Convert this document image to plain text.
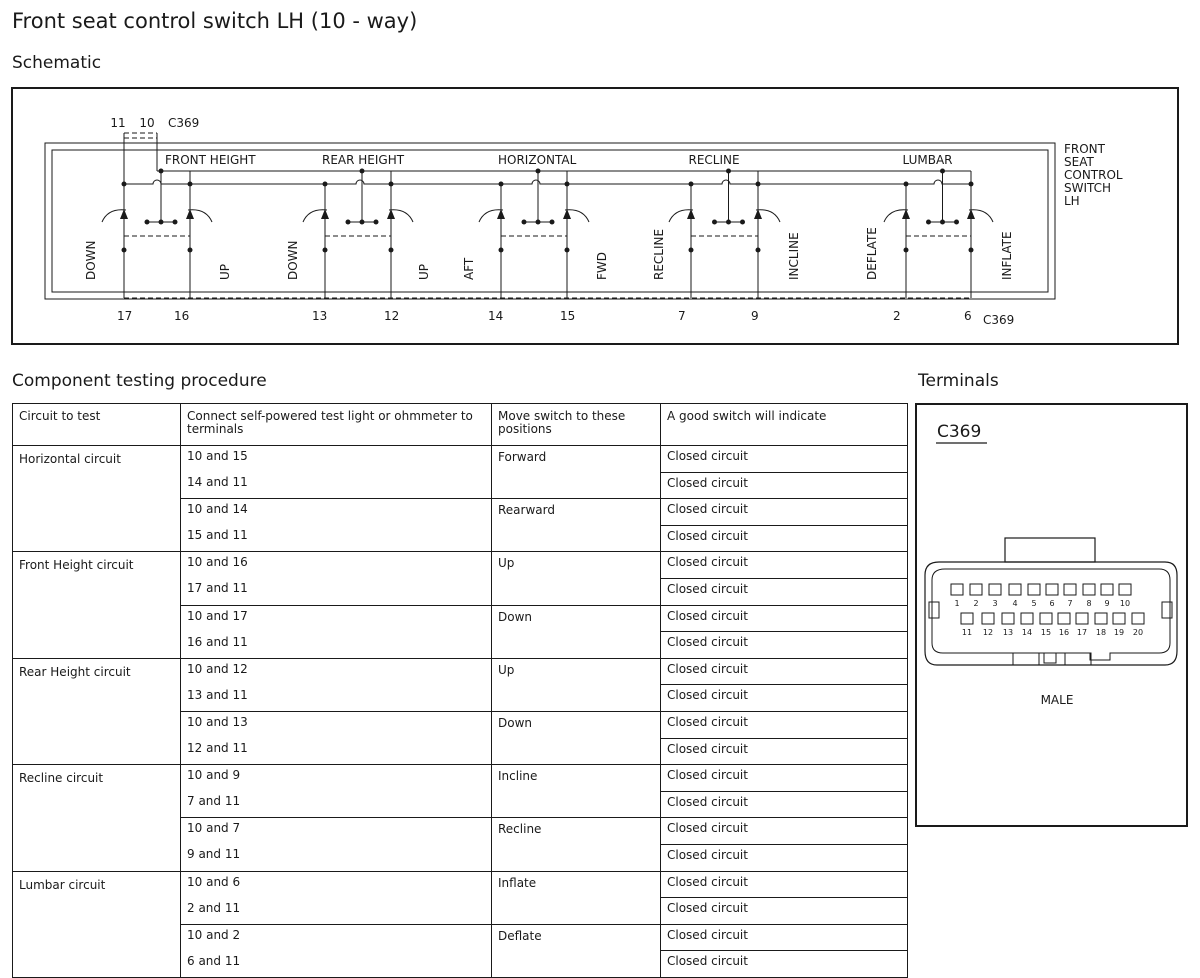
Front seat control switch LH (10 - way)
Schematic
11 10 C369
FRONT HEIGHT
DOWN	UP
17	16
REAR HEIGHT
DOWN	UP
13	12
HORIZONTAL
AFT	FWD
14	15
RECLINE
RECLINE	INCLINE
7	9
LUMBAR
DEFLATE	INFLATE
2	6 C369
FRONT
SEAT
CONTROL
SWITCH
LH
Component testing procedure	Terminals
Circuit to test	Connect self-powered test light or ohmmeter to terminals	Move switch to these positions	A good switch will indicate
Horizontal circuit	10 and 15	Forward	Closed circuit
	14 and 11		Closed circuit
	10 and 14	Rearward	Closed circuit
	15 and 11		Closed circuit
Front Height circuit	10 and 16	Up	Closed circuit
	17 and 11		Closed circuit
	10 and 17	Down	Closed circuit
	16 and 11		Closed circuit
Rear Height circuit	10 and 12	Up	Closed circuit
	13 and 11		Closed circuit
	10 and 13	Down	Closed circuit
	12 and 11		Closed circuit
Recline circuit	10 and 9	Incline	Closed circuit
	7 and 11		Closed circuit
	10 and 7	Recline	Closed circuit
	9 and 11		Closed circuit
Lumbar circuit	10 and 6	Inflate	Closed circuit
	2 and 11		Closed circuit
	10 and 2	Deflate	Closed circuit
	6 and 11		Closed circuit
C369
1 2 3 4 5 6 7 8 9 10
11 12 13 14 15 16 17 18 19 20
MALE
